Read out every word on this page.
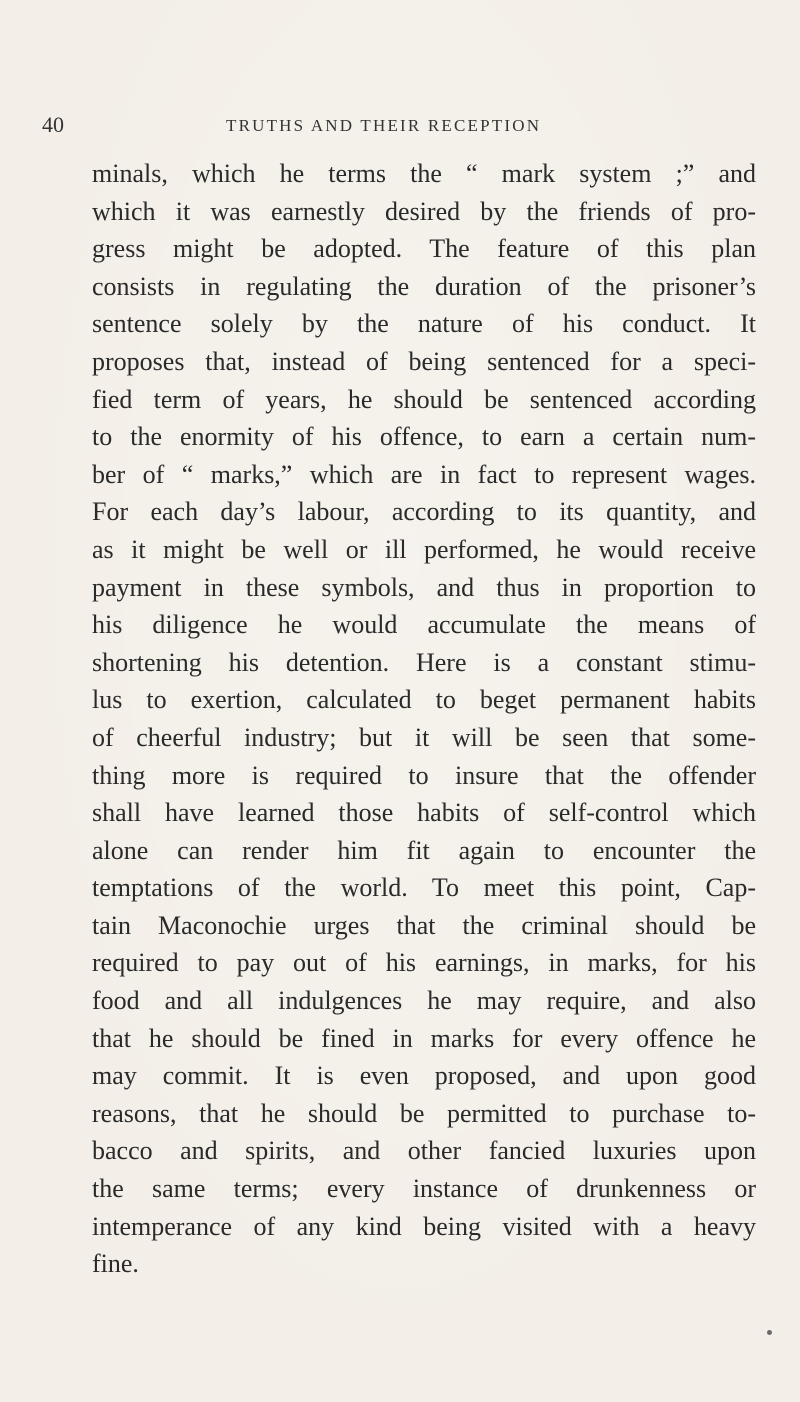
40	TRUTHS AND THEIR RECEPTION
minals, which he terms the “ mark system ;” and
which it was earnestly desired by the friends of pro-
gress might be adopted. The feature of this plan
consists in regulating the duration of the prisoner’s
sentence solely by the nature of his conduct. It
proposes that, instead of being sentenced for a speci-
fied term of years, he should be sentenced according
to the enormity of his offence, to earn a certain num-
ber of “ marks,” which are in fact to represent wages.
For each day’s labour, according to its quantity, and
as it might be well or ill performed, he would receive
payment in these symbols, and thus in proportion to
his diligence he would accumulate the means of
shortening his detention. Here is a constant stimu-
lus to exertion, calculated to beget permanent habits
of cheerful industry; but it will be seen that some-
thing more is required to insure that the offender
shall have learned those habits of self-control which
alone can render him fit again to encounter the
temptations of the world. To meet this point, Cap-
tain Maconochie urges that the criminal should be
required to pay out of his earnings, in marks, for his
food and all indulgences he may require, and also
that he should be fined in marks for every offence he
may commit. It is even proposed, and upon good
reasons, that he should be permitted to purchase to-
bacco and spirits, and other fancied luxuries upon
the same terms; every instance of drunkenness or
intemperance of any kind being visited with a heavy
fine.
